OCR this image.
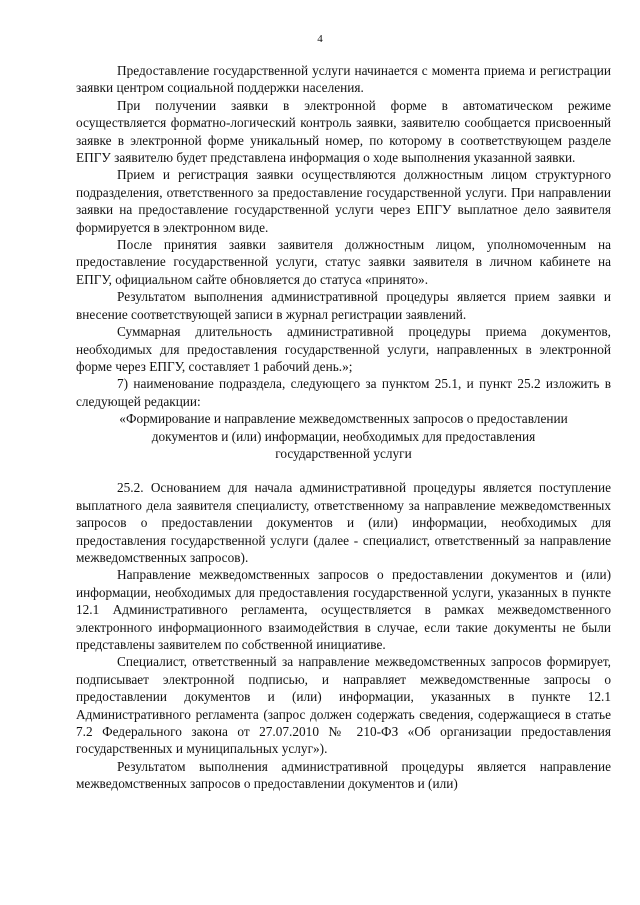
4

Предоставление государственной услуги начинается с момента приема и регистрации заявки центром социальной поддержки населения.

При получении заявки в электронной форме в автоматическом режиме осуществляется форматно-логический контроль заявки, заявителю сообщается присвоенный заявке в электронной форме уникальный номер, по которому в соответствующем разделе ЕПГУ заявителю будет представлена информация о ходе выполнения указанной заявки.

Прием и регистрация заявки осуществляются должностным лицом структурного подразделения, ответственного за предоставление государственной услуги. При направлении заявки на предоставление государственной услуги через ЕПГУ выплатное дело заявителя формируется в электронном виде.

После принятия заявки заявителя должностным лицом, уполномоченным на предоставление государственной услуги, статус заявки заявителя в личном кабинете на ЕПГУ, официальном сайте обновляется до статуса «принято».

Результатом выполнения административной процедуры является прием заявки и внесение соответствующей записи в журнал регистрации заявлений.

Суммарная длительность административной процедуры приема документов, необходимых для предоставления государственной услуги, направленных в электронной форме через ЕПГУ, составляет 1 рабочий день.»;

7) наименование подраздела, следующего за пунктом 25.1, и пункт 25.2 изложить в следующей редакции:

«Формирование и направление межведомственных запросов о предоставлении документов и (или) информации, необходимых для предоставления государственной услуги

25.2. Основанием для начала административной процедуры является поступление выплатного дела заявителя специалисту, ответственному за направление межведомственных запросов о предоставлении документов и (или) информации, необходимых для предоставления государственной услуги (далее - специалист, ответственный за направление межведомственных запросов).

Направление межведомственных запросов о предоставлении документов и (или) информации, необходимых для предоставления государственной услуги, указанных в пункте 12.1 Административного регламента, осуществляется в рамках межведомственного электронного информационного взаимодействия в случае, если такие документы не были представлены заявителем по собственной инициативе.

Специалист, ответственный за направление межведомственных запросов формирует, подписывает электронной подписью, и направляет межведомственные запросы о предоставлении документов и (или) информации, указанных в пункте 12.1 Административного регламента (запрос должен содержать сведения, содержащиеся в статье 7.2 Федерального закона от 27.07.2010 № 210-ФЗ «Об организации предоставления государственных и муниципальных услуг»).

Результатом выполнения административной процедуры является направление межведомственных запросов о предоставлении документов и (или)
